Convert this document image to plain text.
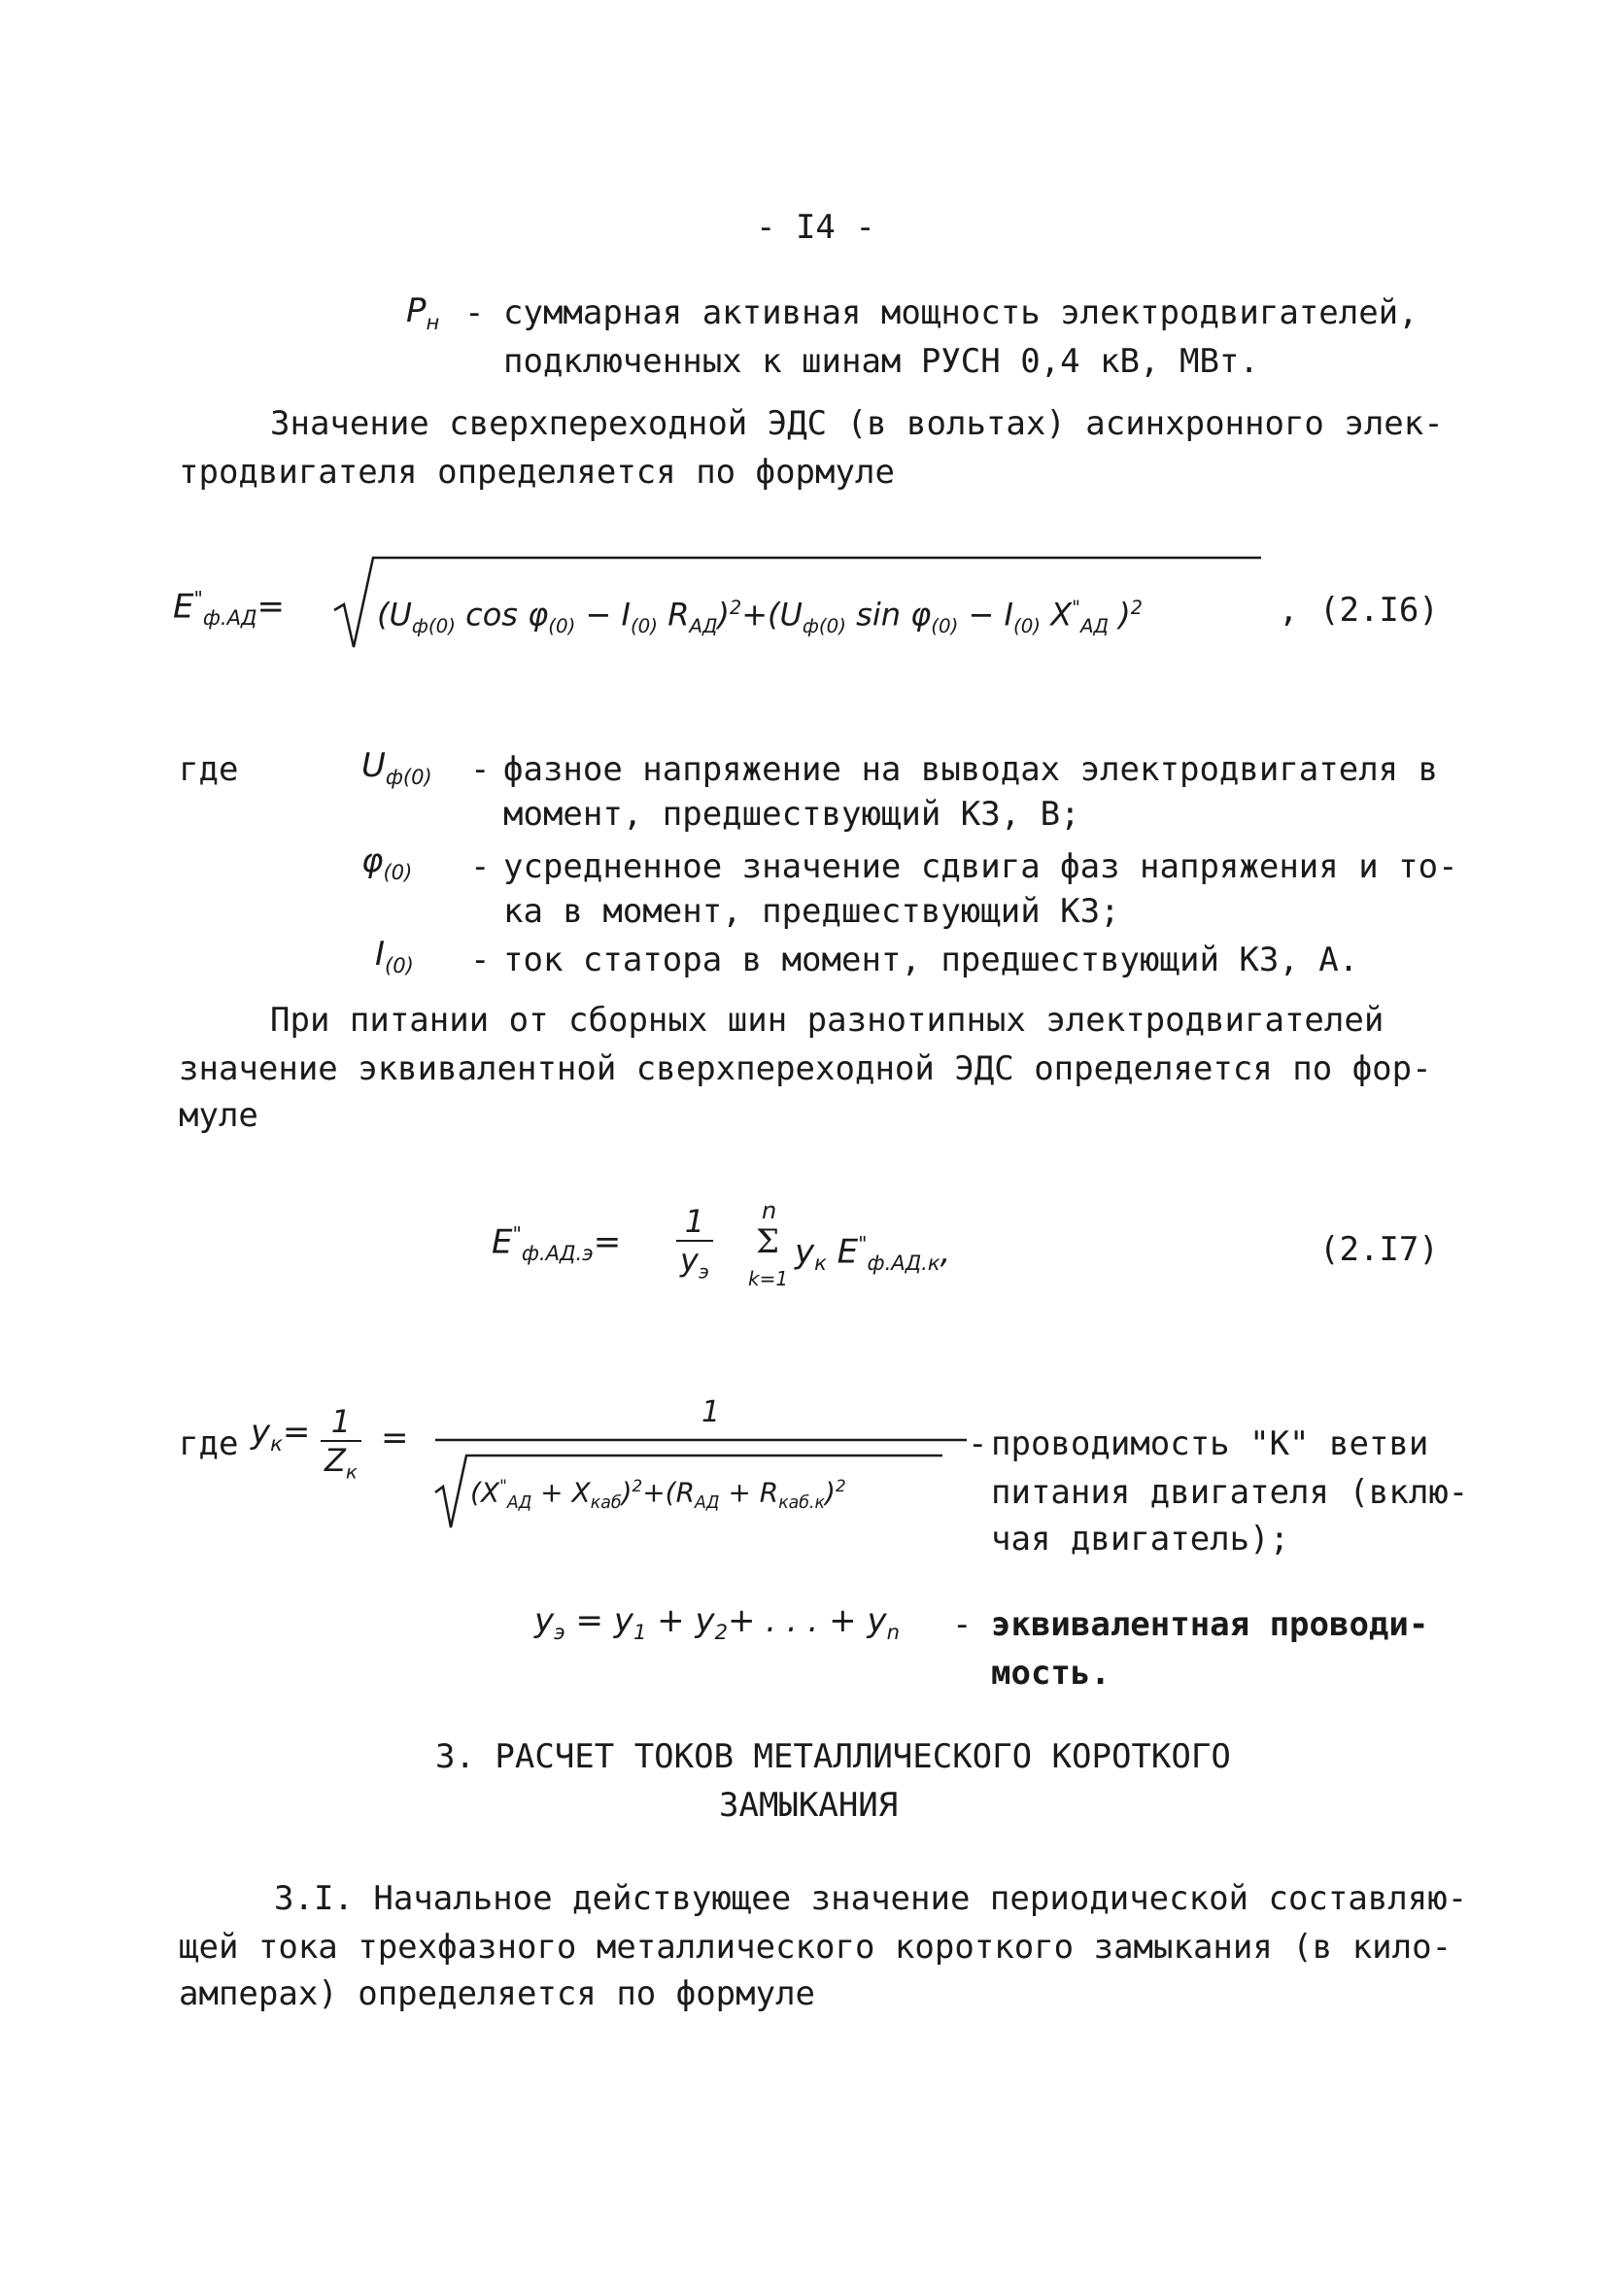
- I4 -
$P_н$ - суммарная активная мощность электродвигателей,
подключенных к шинам РУСН 0,4 кВ, МВт.
Значение сверхпереходной ЭДС (в вольтах) асинхронного элек-
тродвигателя определяется по формуле
$E^"_{ф.АД}=$	($U_{ф(0)}$ $\cos \varphi_{(0)} - I_{(0)}$ $R_{АД})^2+(U_{ф(0)}$ $\sin \varphi_{(0)} - I_{(0)}$ $X^"_{АД}$ )$^2$	, (2.I6)
где	$U_{ф(0)}$ - фазное напряжение на выводах электродвигателя в
момент, предшествующий КЗ, В;
$\varphi_{(0)}$ - усредненное значение сдвига фаз напряжения и то-
ка в момент, предшествующий КЗ;
$I_{(0)}$ - ток статора в момент, предшествующий КЗ, А.
При питании от сборных шин разнотипных электродвигателей
значение эквивалентной сверхпереходной ЭДС определяется по фор-
муле
$E^"_{ф.АД.э}= \frac{1}{y_э}$ n
Σ
k=1
$y_к$ $E^"_{ф.АД.к}$,	(2.I7)
где $y_к= \frac{1}{Z_к}$ =
1
$(X^"_{АД} + X_{каб})^2+(R_{АД} + R_{каб.к})^2$
- проводимость "К" ветви
питания двигателя (вклю-
чая двигатель);
$y_э = y_1 + y_2+$ . . . + $y_n$ - эквивалентная проводи-
мость.
3. РАСЧЕТ ТОКОВ МЕТАЛЛИЧЕСКОГО КОРОТКОГО
ЗАМЫКАНИЯ
3.I. Начальное действующее значение периодической составляю-
щей тока трехфазного металлического короткого замыкания (в кило-
амперах) определяется по формуле
